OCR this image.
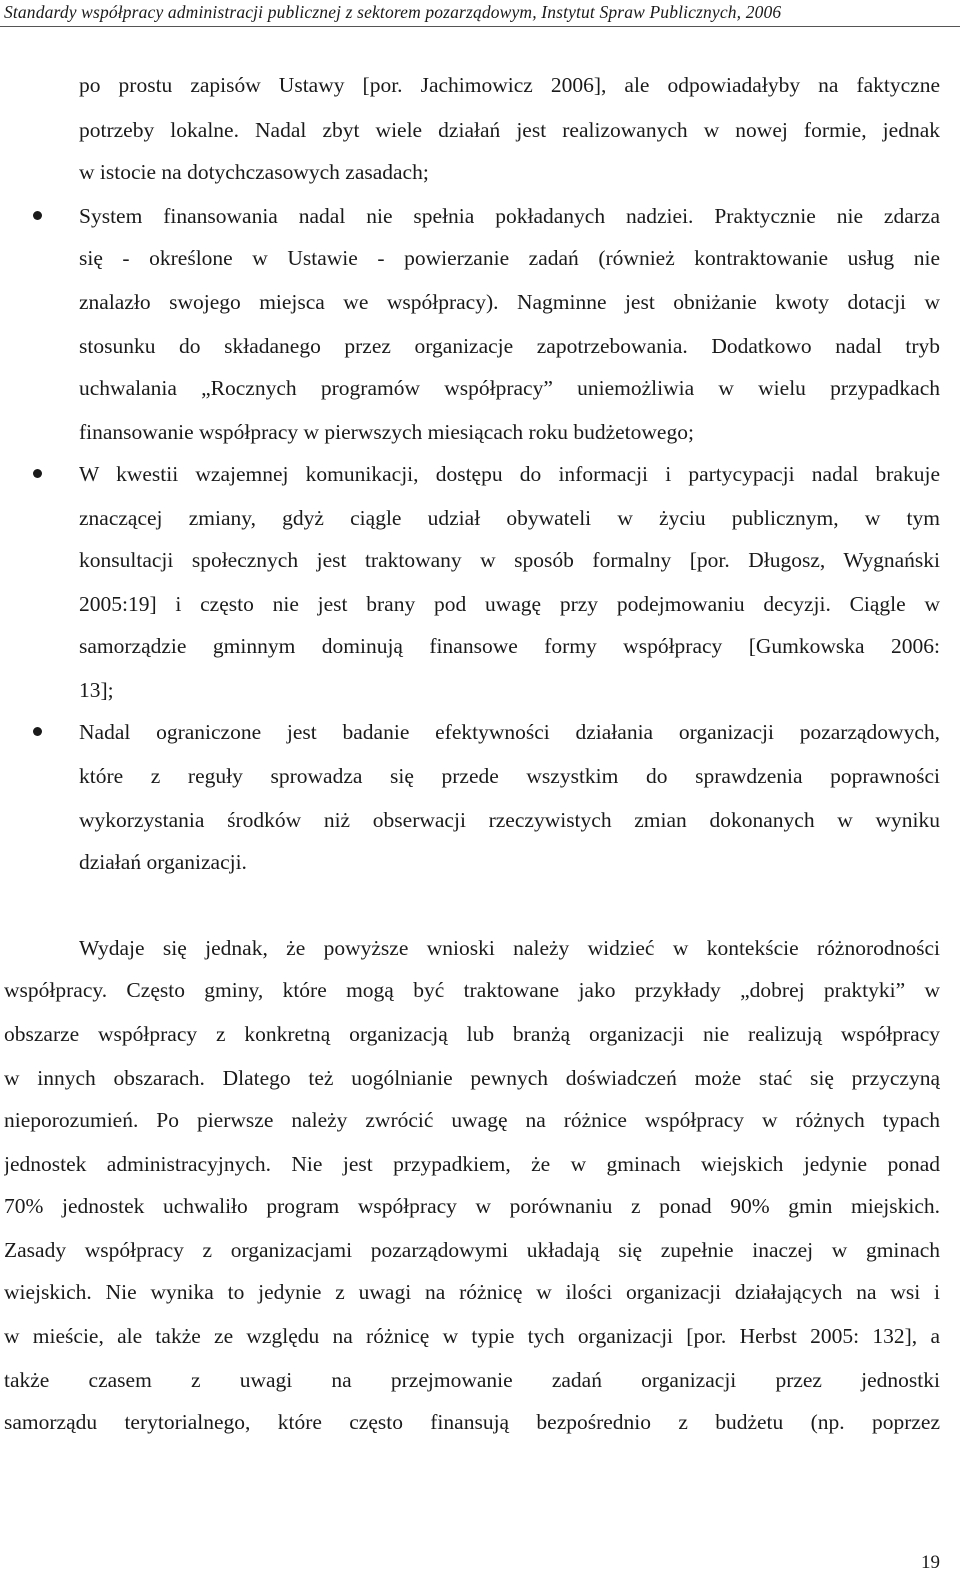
Standardy współpracy administracji publicznej z sektorem pozarządowym, Instytut Spraw Publicznych, 2006
po prostu zapisów Ustawy [por. Jachimowicz 2006], ale odpowiadałyby na faktyczne
potrzeby lokalne. Nadal zbyt wiele działań jest realizowanych w nowej formie, jednak
w istocie na dotychczasowych zasadach;
System finansowania nadal nie spełnia pokładanych nadziei. Praktycznie nie zdarza
się - określone w Ustawie - powierzanie zadań (również kontraktowanie usług nie
znalazło swojego miejsca we współpracy). Nagminne jest obniżanie kwoty dotacji w
stosunku do składanego przez organizacje zapotrzebowania. Dodatkowo nadal tryb
uchwalania „Rocznych programów współpracy” uniemożliwia w wielu przypadkach
finansowanie współpracy w pierwszych miesiącach roku budżetowego;
W kwestii wzajemnej komunikacji, dostępu do informacji i partycypacji nadal brakuje
znaczącej zmiany, gdyż ciągle udział obywateli w życiu publicznym, w tym
konsultacji społecznych jest traktowany w sposób formalny [por. Długosz, Wygnański
2005:19] i często nie jest brany pod uwagę przy podejmowaniu decyzji. Ciągle w
samorządzie gminnym dominują finansowe formy współpracy [Gumkowska 2006:
13];
Nadal ograniczone jest badanie efektywności działania organizacji pozarządowych,
które z reguły sprowadza się przede wszystkim do sprawdzenia poprawności
wykorzystania środków niż obserwacji rzeczywistych zmian dokonanych w wyniku
działań organizacji.
Wydaje się jednak, że powyższe wnioski należy widzieć w kontekście różnorodności
współpracy. Często gminy, które mogą być traktowane jako przykłady „dobrej praktyki” w
obszarze współpracy z konkretną organizacją lub branżą organizacji nie realizują współpracy
w innych obszarach. Dlatego też uogólnianie pewnych doświadczeń może stać się przyczyną
nieporozumień. Po pierwsze należy zwrócić uwagę na różnice współpracy w różnych typach
jednostek administracyjnych. Nie jest przypadkiem, że w gminach wiejskich jedynie ponad
70% jednostek uchwaliło program współpracy w porównaniu z ponad 90% gmin miejskich.
Zasady współpracy z organizacjami pozarządowymi układają się zupełnie inaczej w gminach
wiejskich. Nie wynika to jedynie z uwagi na różnicę w ilości organizacji działających na wsi i
w mieście, ale także ze względu na różnicę w typie tych organizacji [por. Herbst 2005: 132], a
także czasem z uwagi na przejmowanie zadań organizacji przez jednostki
samorządu terytorialnego, które często finansują bezpośrednio z budżetu (np. poprzez
19
